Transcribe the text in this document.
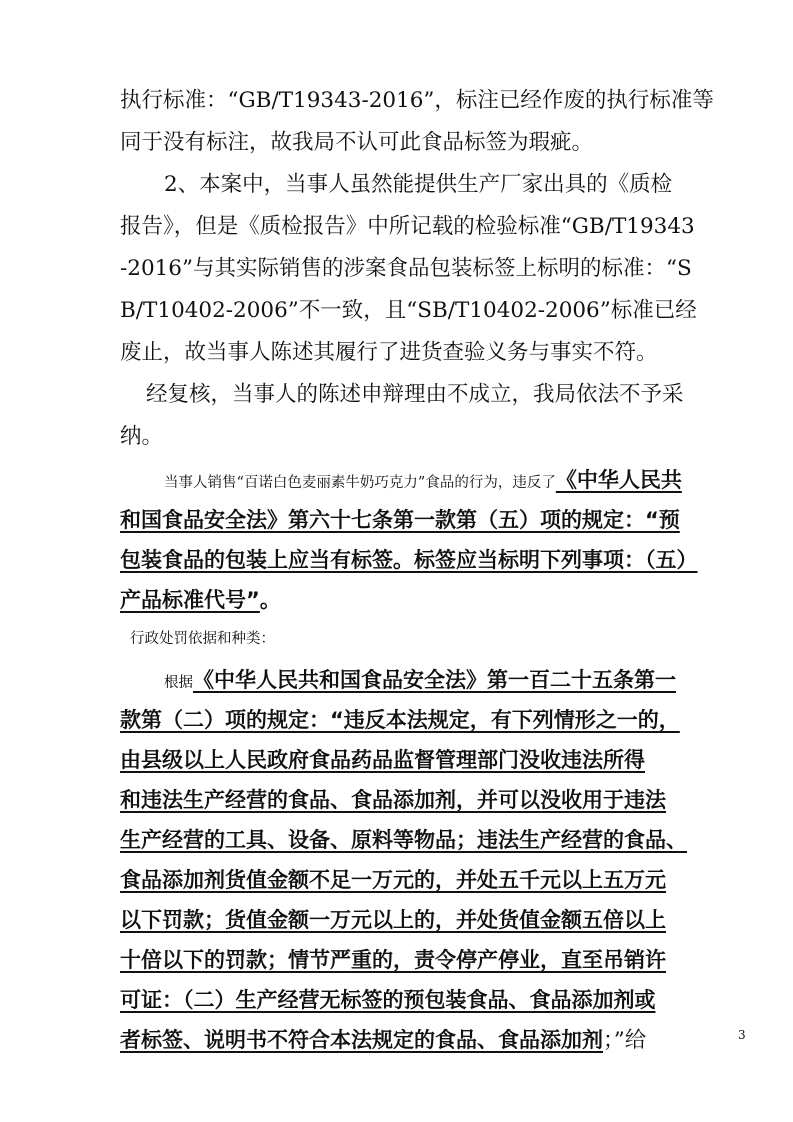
执行标准：“GB/T19343-2016”，标注已经作废的执行标准等
同于没有标注，故我局不认可此食品标签为瑕疵。
2、本案中，当事人虽然能提供生产厂家出具的《质检
报告》，但是《质检报告》中所记载的检验标准“GB/T19343
-2016”与其实际销售的涉案食品包装标签上标明的标准：“S
B/T10402-2006”不一致，且“SB/T10402-2006”标准已经
废止，故当事人陈述其履行了进货查验义务与事实不符。
经复核，当事人的陈述申辩理由不成立，我局依法不予采
纳。
当事人销售“百诺白色麦丽素牛奶巧克力”食品的行为，违反了《中华人民共
和国食品安全法》第六十七条第一款第（五）项的规定：“预
包装食品的包装上应当有标签。标签应当标明下列事项：（五）
产品标准代号”。
行政处罚依据和种类：
根据《中华人民共和国食品安全法》第一百二十五条第一
款第（二）项的规定：“违反本法规定，有下列情形之一的，
由县级以上人民政府食品药品监督管理部门没收违法所得
和违法生产经营的食品、食品添加剂，并可以没收用于违法
生产经营的工具、设备、原料等物品；违法生产经营的食品、
食品添加剂货值金额不足一万元的，并处五千元以上五万元
以下罚款；货值金额一万元以上的，并处货值金额五倍以上
十倍以下的罚款；情节严重的，责令停产停业，直至吊销许
可证：（二）生产经营无标签的预包装食品、食品添加剂或
者标签、说明书不符合本法规定的食品、食品添加剂；”给	3
